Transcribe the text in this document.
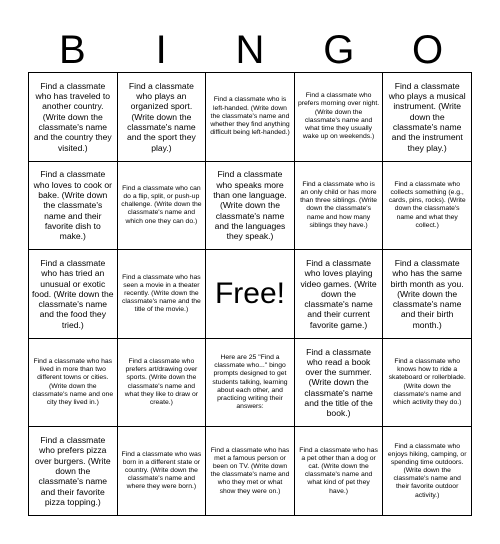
B	I	N	G	O
Find a classmate who has traveled to another country. (Write down the classmate's name and the country they visited.)
Find a classmate who plays an organized sport. (Write down the classmate's name and the sport they play.)
Find a classmate who is left-handed. (Write down the classmate's name and whether they find anything difficult being left-handed.)
Find a classmate who prefers morning over night. (Write down the classmate's name and what time they usually wake up on weekends.)
Find a classmate who plays a musical instrument. (Write down the classmate's name and the instrument they play.)
Find a classmate who loves to cook or bake. (Write down the classmate's name and their favorite dish to make.)
Find a classmate who can do a flip, split, or push-up challenge. (Write down the classmate's name and which one they can do.)
Find a classmate who speaks more than one language. (Write down the classmate's name and the languages they speak.)
Find a classmate who is an only child or has more than three siblings. (Write down the classmate's name and how many siblings they have.)
Find a classmate who collects something (e.g., cards, pins, rocks). (Write down the classmate's name and what they collect.)
Find a classmate who has tried an unusual or exotic food. (Write down the classmate's name and the food they tried.)
Find a classmate who has seen a movie in a theater recently. (Write down the classmate's name and the title of the movie.) Free!
Find a classmate who loves playing video games. (Write down the classmate's name and their current favorite game.)
Find a classmate who has the same birth month as you. (Write down the classmate's name and their birth month.)
Find a classmate who has lived in more than two different towns or cities. (Write down the classmate's name and one city they lived in.)
Find a classmate who prefers art/drawing over sports. (Write down the classmate's name and what they like to draw or create.)
Here are 25 "Find a classmate who..." bingo prompts designed to get students talking, learning about each other, and practicing writing their answers:
Find a classmate who read a book over the summer. (Write down the classmate's name and the title of the book.)
Find a classmate who knows how to ride a skateboard or rollerblade. (Write down the classmate's name and which activity they do.)
Find a classmate who prefers pizza over burgers. (Write down the classmate's name and their favorite pizza topping.)
Find a classmate who was born in a different state or country. (Write down the classmate's name and where they were born.)
Find a classmate who has met a famous person or been on TV. (Write down the classmate's name and who they met or what show they were on.)
Find a classmate who has a pet other than a dog or cat. (Write down the classmate's name and what kind of pet they have.)
Find a classmate who enjoys hiking, camping, or spending time outdoors. (Write down the classmate's name and their favorite outdoor activity.)
